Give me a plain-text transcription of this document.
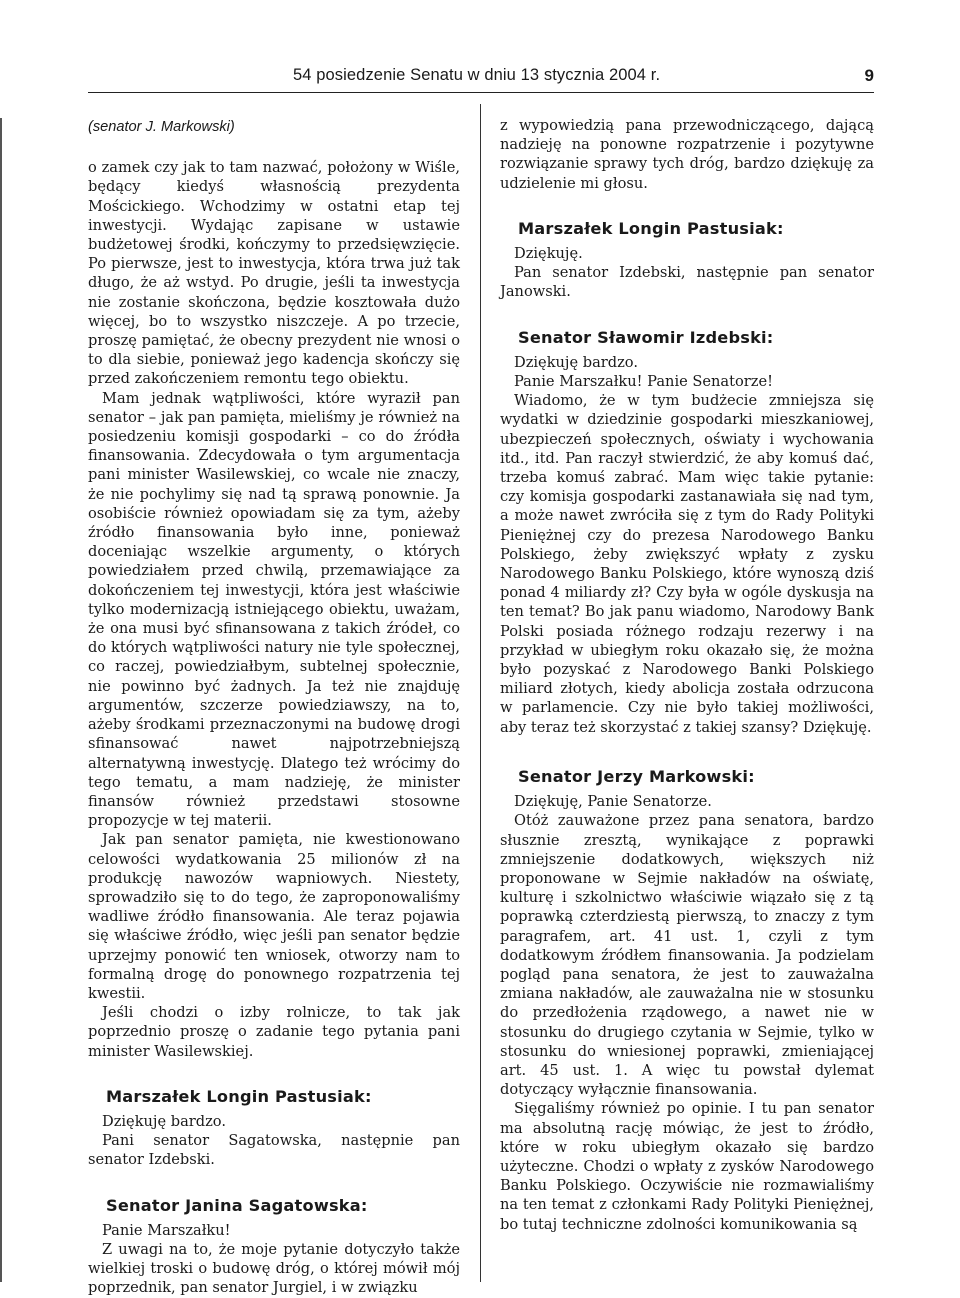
54 posiedzenie Senatu w dniu 13 stycznia 2004 r.	9
(senator J. Markowski)

o zamek czy jak to tam nazwać, położony w Wiśle, będący kiedyś własnością prezydenta Mościckiego. Wchodzimy w ostatni etap tej inwestycji. Wydając zapisane w ustawie budżetowej środki, kończymy to przedsięwzięcie. Po pierwsze, jest to inwestycja, która trwa już tak długo, że aż wstyd. Po drugie, jeśli ta inwestycja nie zostanie skończona, będzie kosztowała dużo więcej, bo to wszystko niszczeje. A po trzecie, proszę pamiętać, że obecny prezydent nie wnosi o to dla siebie, ponieważ jego kadencja skończy się przed zakończeniem remontu tego obiektu.

Mam jednak wątpliwości, które wyraził pan senator – jak pan pamięta, mieliśmy je również na posiedzeniu komisji gospodarki – co do źródła finansowania. Zdecydowała o tym argumentacja pani minister Wasilewskiej, co wcale nie znaczy, że nie pochylimy się nad tą sprawą ponownie. Ja osobiście również opowiadam się za tym, ażeby źródło finansowania było inne, ponieważ doceniając wszelkie argumenty, o których powiedziałem przed chwilą, przemawiające za dokończeniem tej inwestycji, która jest właściwie tylko modernizacją istniejącego obiektu, uważam, że ona musi być sfinansowana z takich źródeł, co do których wątpliwości natury nie tyle społecznej, co raczej, powiedziałbym, subtelnej społecznie, nie powinno być żadnych. Ja też nie znajduję argumentów, szczerze powiedziawszy, na to, ażeby środkami przeznaczonymi na budowę drogi sfinansować nawet najpotrzebniejszą alternatywną inwestycję. Dlatego też wrócimy do tego tematu, a mam nadzieję, że minister finansów również przedstawi stosowne propozycje w tej materii.

Jak pan senator pamięta, nie kwestionowano celowości wydatkowania 25 milionów zł na produkcję nawozów wapniowych. Niestety, sprowadziło się to do tego, że zaproponowaliśmy wadliwe źródło finansowania. Ale teraz pojawia się właściwe źródło, więc jeśli pan senator będzie uprzejmy ponowić ten wniosek, otworzy nam to formalną drogę do ponownego rozpatrzenia tej kwestii.

Jeśli chodzi o izby rolnicze, to tak jak poprzednio proszę o zadanie tego pytania pani minister Wasilewskiej.

Marszałek Longin Pastusiak:

Dziękuję bardzo.

Pani senator Sagatowska, następnie pan senator Izdebski.

Senator Janina Sagatowska:

Panie Marszałku!

Z uwagi na to, że moje pytanie dotyczyło także wielkiej troski o budowę dróg, o której mówił mój poprzednik, pan senator Jurgiel, i w związku

z wypowiedzią pana przewodniczącego, dającą nadzieję na ponowne rozpatrzenie i pozytywne rozwiązanie sprawy tych dróg, bardzo dziękuję za udzielenie mi głosu.

Marszałek Longin Pastusiak:

Dziękuję.

Pan senator Izdebski, następnie pan senator Janowski.

Senator Sławomir Izdebski:

Dziękuję bardzo.

Panie Marszałku! Panie Senatorze!

Wiadomo, że w tym budżecie zmniejsza się wydatki w dziedzinie gospodarki mieszkaniowej, ubezpieczeń społecznych, oświaty i wychowania itd., itd. Pan raczył stwierdzić, że aby komuś dać, trzeba komuś zabrać. Mam więc takie pytanie: czy komisja gospodarki zastanawiała się nad tym, a może nawet zwróciła się z tym do Rady Polityki Pieniężnej czy do prezesa Narodowego Banku Polskiego, żeby zwiększyć wpłaty z zysku Narodowego Banku Polskiego, które wynoszą dziś ponad 4 miliardy zł? Czy była w ogóle dyskusja na ten temat? Bo jak panu wiadomo, Narodowy Bank Polski posiada różnego rodzaju rezerwy i na przykład w ubiegłym roku okazało się, że można było pozyskać z Narodowego Banki Polskiego miliard złotych, kiedy abolicja została odrzucona w parlamencie. Czy nie było takiej możliwości, aby teraz też skorzystać z takiej szansy? Dziękuję.

Senator Jerzy Markowski:

Dziękuję, Panie Senatorze.

Otóż zauważone przez pana senatora, bardzo słusznie zresztą, wynikające z poprawki zmniejszenie dodatkowych, większych niż proponowane w Sejmie nakładów na oświatę, kulturę i szkolnictwo właściwie wiązało się z tą poprawką czterdziestą pierwszą, to znaczy z tym paragrafem, art. 41 ust. 1, czyli z tym dodatkowym źródłem finansowania. Ja podzielam pogląd pana senatora, że jest to zauważalna zmiana nakładów, ale zauważalna nie w stosunku do przedłożenia rządowego, a nawet nie w stosunku do drugiego czytania w Sejmie, tylko w stosunku do wniesionej poprawki, zmieniającej art. 45 ust. 1. A więc tu powstał dylemat dotyczący wyłącznie finansowania.

Sięgaliśmy również po opinie. I tu pan senator ma absolutną rację mówiąc, że jest to źródło, które w roku ubiegłym okazało się bardzo użyteczne. Chodzi o wpłaty z zysków Narodowego Banku Polskiego. Oczywiście nie rozmawialiśmy na ten temat z członkami Rady Polityki Pieniężnej, bo tutaj techniczne zdolności komunikowania są
